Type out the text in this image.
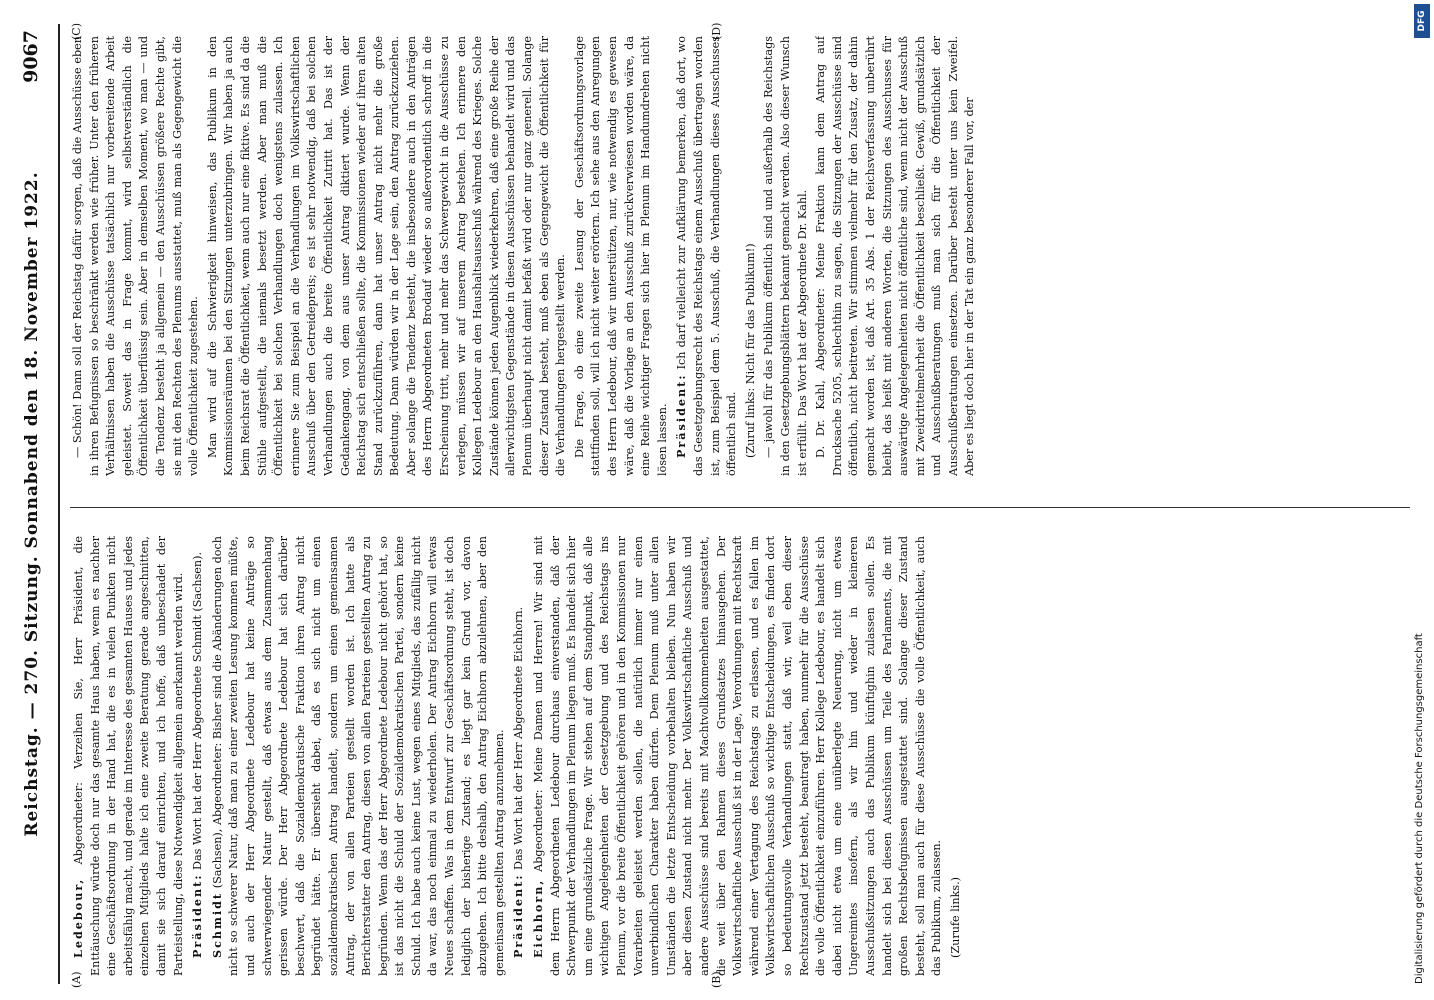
Reichstag. — 270. Sitzung. Sonnabend den 18. November 1922.
9067
(A)	(B)
(C)	(D)

Ledebour, Abgeordneter: Verzeihen Sie, Herr Präsident, die Enttäuschung würde doch nur das gesamte Haus haben, wenn es nachher eine Geschäftsordnung in der Hand hat, die es in vielen Punkten nicht arbeitsfähig macht, und gerade im Interesse des gesamten Hauses und jedes einzelnen Mitglieds halte ich eine zweite Beratung gerade angeschnitten, damit sie sich darauf einrichten, und ich hoffe, daß unbeschadet der Parteistellung, diese Notwendigkeit allgemein anerkannt werden wird. Präsident: Das Wort hat der Herr Abgeordnete Schmidt (Sachsen).

Schmidt (Sachsen), Abgeordneter: Bisher sind die Abänderungen doch nicht so schwerer Natur, daß man zu einer zweiten Lesung kommen müßte, und auch der Herr Abgeordnete Ledebour hat keine Anträge so schwerwiegender Natur gestellt, daß etwas aus dem Zusammenhang gerissen würde. Der Herr Abgeordnete Ledebour hat sich darüber beschwert, daß die Sozialdemokratische Fraktion ihren Antrag nicht begründet hätte. Er übersieht dabei, daß es sich nicht um einen sozialdemokratischen Antrag handelt, sondern um einen gemeinsamen Antrag, der von allen Parteien gestellt worden ist. Ich hatte als Berichterstatter den Antrag, diesen von allen Parteien gestellten Antrag zu begründen. Wenn das der Herr Abgeordnete Ledebour nicht gehört hat, so ist das nicht die Schuld der Sozialdemokratischen Partei, sondern keine Schuld. Ich habe auch keine Lust, wegen eines Mitglieds, das zufällig nicht da war, das noch einmal zu wiederholen. Der Antrag Eichhorn will etwas Neues schaffen. Was in dem Entwurf zur Geschäftsordnung steht, ist doch lediglich der bisherige Zustand; es liegt gar kein Grund vor, davon abzugehen. Ich bitte deshalb, den Antrag Eichhorn abzulehnen, aber den gemeinsam gestellten Antrag anzunehmen. Präsident: Das Wort hat der Herr Abgeordnete Eichhorn.

Eichhorn, Abgeordneter: Meine Damen und Herren! Wir sind mit dem Herrn Abgeordneten Ledebour durchaus einverstanden, daß der Schwerpunkt der Verhandlungen im Plenum liegen muß. Es handelt sich hier um eine grundsätzliche Frage. Wir stehen auf dem Standpunkt, daß alle wichtigen Angelegenheiten der Gesetzgebung und des Reichstags ins Plenum, vor die breite Öffentlichkeit gehören und in den Kommissionen nur Vorarbeiten geleistet werden sollen, die natürlich immer nur einen unverbindlichen Charakter haben dürfen. Dem Plenum muß unter allen Umständen die letzte Entscheidung vorbehalten bleiben. Nun haben wir aber diesen Zustand nicht mehr. Der Volkswirtschaftliche Ausschuß und andere Ausschüsse sind bereits mit Machtvollkommenheiten ausgestattet, die weit über den Rahmen dieses Grundsatzes hinausgehen. Der Volkswirtschaftliche Ausschuß ist in der Lage, Verordnungen mit Rechtskraft während einer Vertagung des Reichstags zu erlassen, und es fallen im Volkswirtschaftlichen Ausschuß so wichtige Entscheidungen, es finden dort so bedeutungsvolle Verhandlungen statt, daß wir, weil eben dieser Rechtszustand jetzt besteht, beantragt haben, nunmehr für die Ausschüsse die volle Öffentlichkeit einzuführen. Herr Kollege Ledebour, es handelt sich dabei nicht etwa um eine unüberlegte Neuerung, nicht um etwas Ungereimtes insofern, als wir hin und wieder in kleineren Ausschußsitzungen auch das Publikum künftighin zulassen sollen. Es handelt sich bei diesen Ausschüssen um Teile des Parlaments, die mit großen Rechtsbefugnissen ausgestattet sind. Solange dieser Zustand besteht, soll man auch für diese Ausschüsse die volle Öffentlichkeit, auch das Publikum, zulassen. (Zurufe links.)

— Schön! Dann soll der Reichstag dafür sorgen, daß die Ausschüsse eben in ihren Befugnissen so beschränkt werden wie früher. Unter den früheren Verhältnissen haben die Ausschüsse tatsächlich nur vorbereitende Arbeit geleistet. Soweit das in Frage kommt, wird selbstverständlich die Öffentlichkeit überflüssig sein. Aber in demselben Moment, wo man — und die Tendenz besteht ja allgemein — den Ausschüssen größere Rechte gibt, sie mit den Rechten des Plenums ausstattet, muß man als Gegengewicht die volle Öffentlichkeit zugestehen. Man wird auf die Schwierigkeit hinweisen, das Publikum in den Kommissionsräumen bei den Sitzungen unterzubringen. Wir haben ja auch beim Reichsrat die Öffentlichkeit, wenn auch nur eine fiktive. Es sind da die Stühle aufgestellt, die niemals besetzt werden. Aber man muß die Öffentlichkeit bei solchen Verhandlungen doch wenigstens zulassen. Ich erinnere Sie zum Beispiel an die Verhandlungen im Volkswirtschaftlichen Ausschuß über den Getreidepreis; es ist sehr notwendig, daß bei solchen Verhandlungen auch die breite Öffentlichkeit Zutritt hat. Das ist der Gedankengang, von dem aus unser Antrag diktiert wurde. Wenn der Reichstag sich entschließen sollte, die Kommissionen wieder auf ihren alten Stand zurückzuführen, dann hat unser Antrag nicht mehr die große Bedeutung. Dann würden wir in der Lage sein, den Antrag zurückzuziehen. Aber solange die Tendenz besteht, die insbesondere auch in den Anträgen des Herrn Abgeordneten Brodauf wieder so außerordentlich schroff in die Erscheinung tritt, mehr und mehr das Schwergewicht in die Ausschüsse zu verlegen, müssen wir auf unserem Antrag bestehen. Ich erinnere den Kollegen Ledebour an den Haushaltsausschuß während des Krieges. Solche Zustände können jeden Augenblick wiederkehren, daß eine große Reihe der allerwichtigsten Gegenstände in diesen Ausschüssen behandelt wird und das Plenum überhaupt nicht damit befaßt wird oder nur ganz generell. Solange dieser Zustand besteht, muß eben als Gegengewicht die Öffentlichkeit für die Verhandlungen hergestellt werden. Die Frage, ob eine zweite Lesung der Geschäftsordnungsvorlage stattfinden soll, will ich nicht weiter erörtern. Ich sehe aus den Anregungen des Herrn Ledebour, daß wir unterstützen, nur, wie notwendig es gewesen wäre, daß die Vorlage an den Ausschuß zurückverwiesen worden wäre, da eine Reihe wichtiger Fragen sich hier im Plenum im Handumdrehen nicht lösen lassen. Präsident: Ich darf vielleicht zur Aufklärung bemerken, daß dort, wo das Gesetzgebungsrecht des Reichstags einem Ausschuß übertragen worden ist, zum Beispiel dem 5. Ausschuß, die Verhandlungen dieses Ausschusses öffentlich sind. (Zuruf links: Nicht für das Publikum!) — jawohl für das Publikum öffentlich sind und außerhalb des Reichstags in den Gesetzgebungsblättern bekannt gemacht werden. Also dieser Wunsch ist erfüllt. Das Wort hat der Abgeordnete Dr. Kahl. D. Dr. Kahl, Abgeordneter: Meine Fraktion kann dem Antrag auf Drucksache 5205, schlechthin zu sagen, die Sitzungen der Ausschüsse sind öffentlich, nicht beitreten. Wir stimmen vielmehr für den Zusatz, der dahin gemacht worden ist, daß Art. 35 Abs. 1 der Reichsverfassung unberührt bleibt, das heißt mit anderen Worten, die Sitzungen des Ausschusses für auswärtige Angelegenheiten nicht öffentliche sind, wenn nicht der Ausschuß mit Zweidrittelmehrheit die Öffentlichkeit beschließt. Gewiß, grundsätzlich und Ausschußberatungen muß man sich für die Öffentlichkeit der Ausschußberatungen einsetzen. Darüber besteht unter uns kein Zweifel. Aber es liegt doch hier in der Tat ein ganz besonderer Fall vor, der

Digitalisierung gefördert durch die Deutsche Forschungsgemeinschaft
DFG
